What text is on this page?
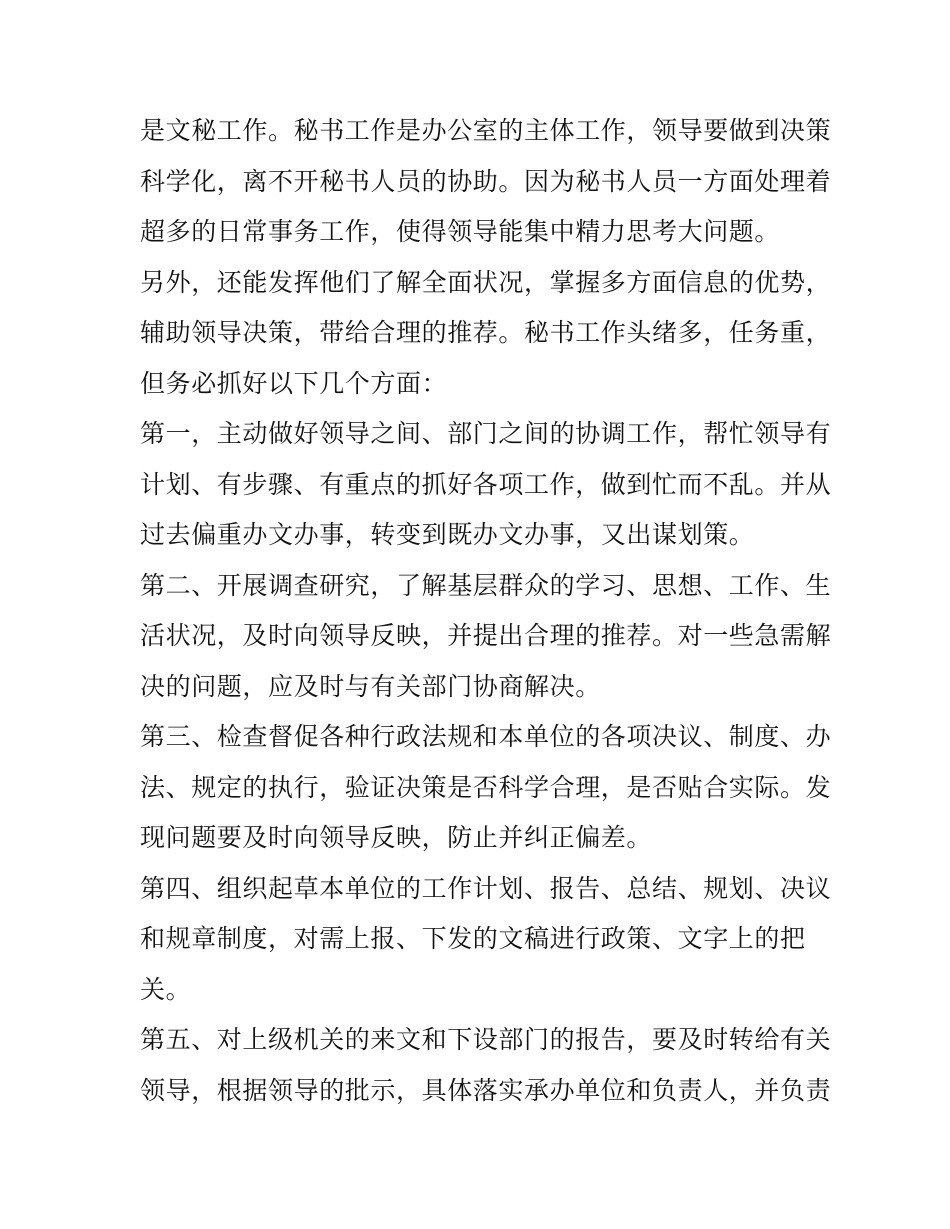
是文秘工作。秘书工作是办公室的主体工作，领导要做到决策
科学化，离不开秘书人员的协助。因为秘书人员一方面处理着
超多的日常事务工作，使得领导能集中精力思考大问题。

另外，还能发挥他们了解全面状况，掌握多方面信息的优势，
辅助领导决策，带给合理的推荐。秘书工作头绪多，任务重，
但务必抓好以下几个方面：

第一，主动做好领导之间、部门之间的协调工作，帮忙领导有
计划、有步骤、有重点的抓好各项工作，做到忙而不乱。并从
过去偏重办文办事，转变到既办文办事，又出谋划策。

第二、开展调查研究，了解基层群众的学习、思想、工作、生
活状况，及时向领导反映，并提出合理的推荐。对一些急需解
决的问题，应及时与有关部门协商解决。

第三、检查督促各种行政法规和本单位的各项决议、制度、办
法、规定的执行，验证决策是否科学合理，是否贴合实际。发
现问题要及时向领导反映，防止并纠正偏差。

第四、组织起草本单位的工作计划、报告、总结、规划、决议
和规章制度，对需上报、下发的文稿进行政策、文字上的把
关。

第五、对上级机关的来文和下设部门的报告，要及时转给有关
领导，根据领导的批示，具体落实承办单位和负责人，并负责
